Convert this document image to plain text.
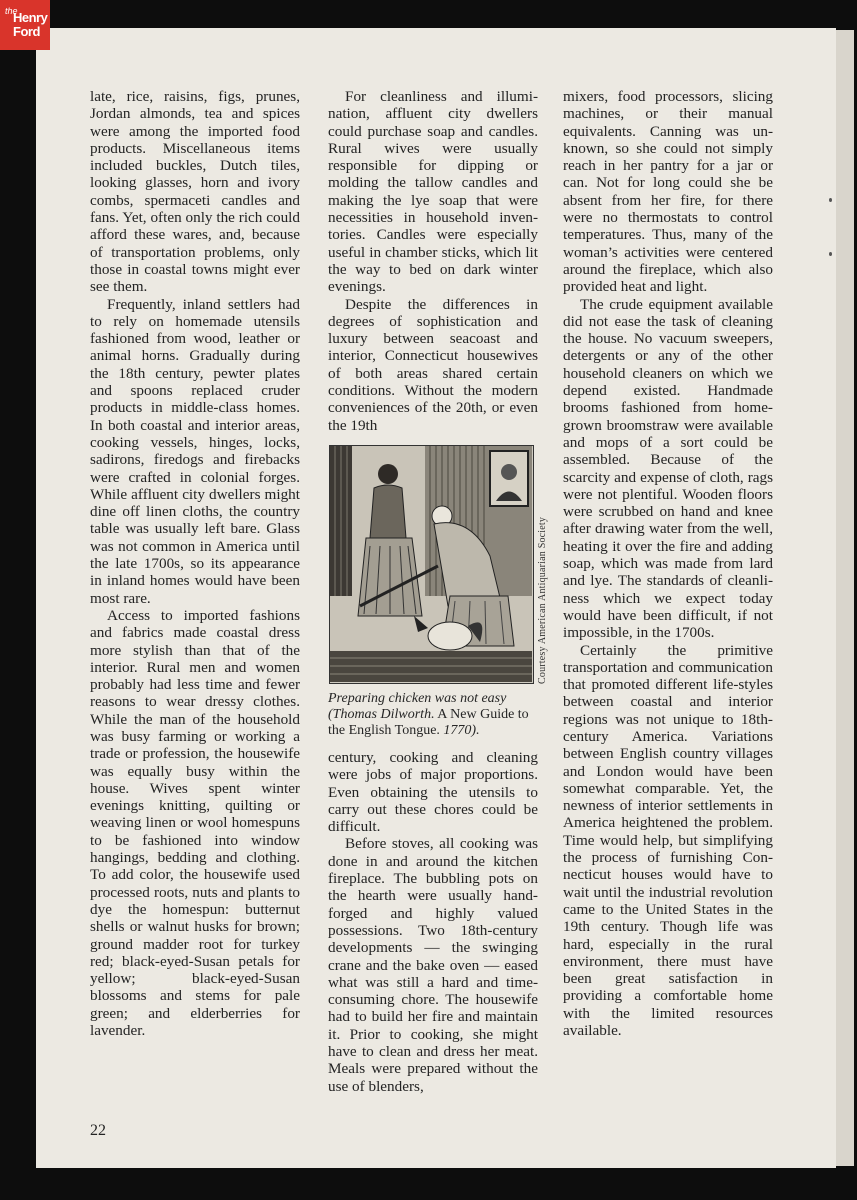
the
Henry
Ford

late, rice, raisins, figs, prunes, Jordan almonds, tea and spices were among the imported food products. Miscellaneous items included buckles, Dutch tiles, looking glasses, horn and ivory combs, spermaceti candles and fans. Yet, often only the rich could afford these wares, and, because of transportation problems, only those in coastal towns might ever see them.

Frequently, inland settlers had to rely on homemade utensils fashioned from wood, leather or animal horns. Gradually during the 18th century, pewter plates and spoons replaced cruder products in middle-class homes. In both coastal and interior areas, cooking vessels, hinges, locks, sadirons, firedogs and firebacks were crafted in colonial forges. While affluent city dwellers might dine off linen cloths, the country table was usually left bare. Glass was not common in America until the late 1700s, so its appearance in inland homes would have been most rare.

Access to imported fashions and fabrics made coastal dress more stylish than that of the interior. Rural men and women probably had less time and fewer reasons to wear dressy clothes. While the man of the household was busy farming or working a trade or profession, the housewife was equally busy within the house. Wives spent winter evenings knitting, quilting or weaving linen or wool homespuns to be fashioned into window hangings, bedding and clothing. To add color, the housewife used processed roots, nuts and plants to dye the homespun: butternut shells or walnut husks for brown; ground madder root for turkey red; black-eyed-Susan petals for yellow; black-eyed-Susan blossoms and stems for pale green; and elderberries for lavender.

For cleanliness and illumination, affluent city dwellers could purchase soap and candles. Rural wives were usually responsible for dipping or molding the tallow candles and making the lye soap that were necessities in household inventories. Candles were especially useful in chamber sticks, which lit the way to bed on dark winter evenings.

Despite the differences in degrees of sophistication and luxury between seacoast and interior, Connecticut housewives of both areas shared certain conditions. Without the modern conveniences of the 20th, or even the 19th

Courtesy American Antiquarian Society

Preparing chicken was not easy (Thomas Dilworth. A New Guide to the English Tongue. 1770).

century, cooking and cleaning were jobs of major proportions. Even obtaining the utensils to carry out these chores could be difficult.

Before stoves, all cooking was done in and around the kitchen fireplace. The bubbling pots on the hearth were usually hand-forged and highly valued possessions. Two 18th-century developments — the swinging crane and the bake oven — eased what was still a hard and time-consuming chore. The housewife had to build her fire and maintain it. Prior to cooking, she might have to clean and dress her meat. Meals were prepared without the use of blenders,

mixers, food processors, slicing machines, or their manual equivalents. Canning was unknown, so she could not simply reach in her pantry for a jar or can. Not for long could she be absent from her fire, for there were no thermostats to control temperatures. Thus, many of the woman’s activities were centered around the fireplace, which also provided heat and light.

The crude equipment available did not ease the task of cleaning the house. No vacuum sweepers, detergents or any of the other household cleaners on which we depend existed. Handmade brooms fashioned from home-grown broomstraw were available and mops of a sort could be assembled. Because of the scarcity and expense of cloth, rags were not plentiful. Wooden floors were scrubbed on hand and knee after drawing water from the well, heating it over the fire and adding soap, which was made from lard and lye. The standards of cleanliness which we expect today would have been difficult, if not impossible, in the 1700s.

Certainly the primitive transportation and communication that promoted different life-styles between coastal and interior regions was not unique to 18th-century America. Variations between English country villages and London would have been somewhat comparable. Yet, the newness of interior settlements in America heightened the problem. Time would help, but simplifying the process of furnishing Connecticut houses would have to wait until the industrial revolution came to the United States in the 19th century. Though life was hard, especially in the rural environment, there must have been great satisfaction in providing a comfortable home with the limited resources available.

22
